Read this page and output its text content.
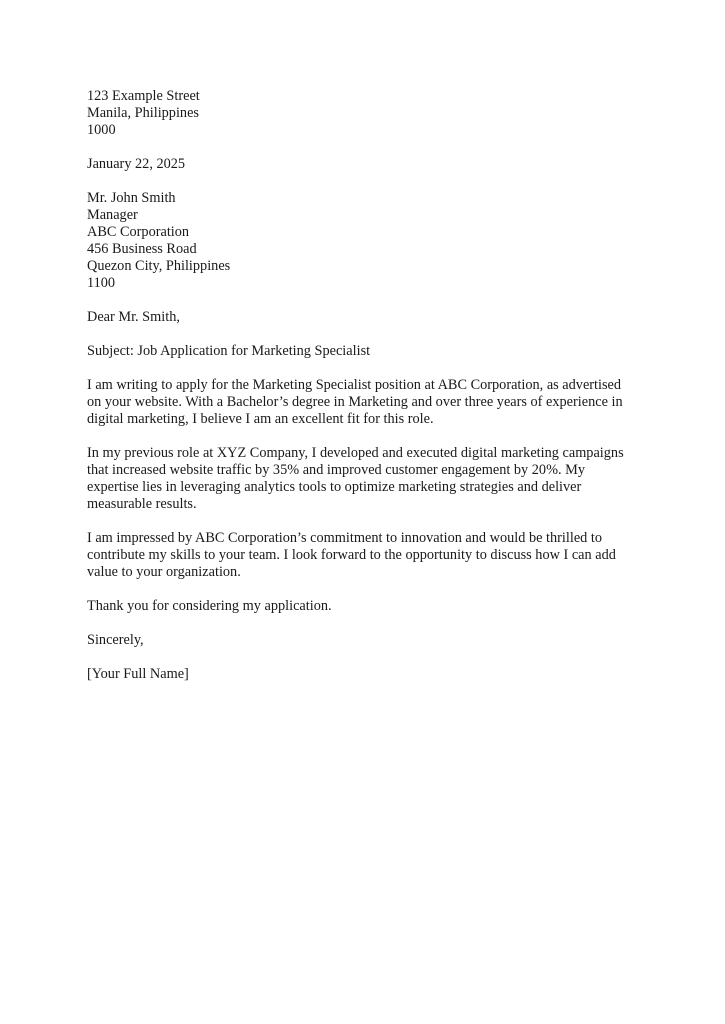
123 Example Street
Manila, Philippines
1000
January 22, 2025
Mr. John Smith
Manager
ABC Corporation
456 Business Road
Quezon City, Philippines
1100

Dear Mr. Smith,

Subject: Job Application for Marketing Specialist

I am writing to apply for the Marketing Specialist position at ABC Corporation, as advertised on your website. With a Bachelor’s degree in Marketing and over three years of experience in digital marketing, I believe I am an excellent fit for this role.

In my previous role at XYZ Company, I developed and executed digital marketing campaigns that increased website traffic by 35% and improved customer engagement by 20%. My expertise lies in leveraging analytics tools to optimize marketing strategies and deliver measurable results.

I am impressed by ABC Corporation’s commitment to innovation and would be thrilled to contribute my skills to your team. I look forward to the opportunity to discuss how I can add value to your organization.

Thank you for considering my application.

Sincerely,

[Your Full Name]
